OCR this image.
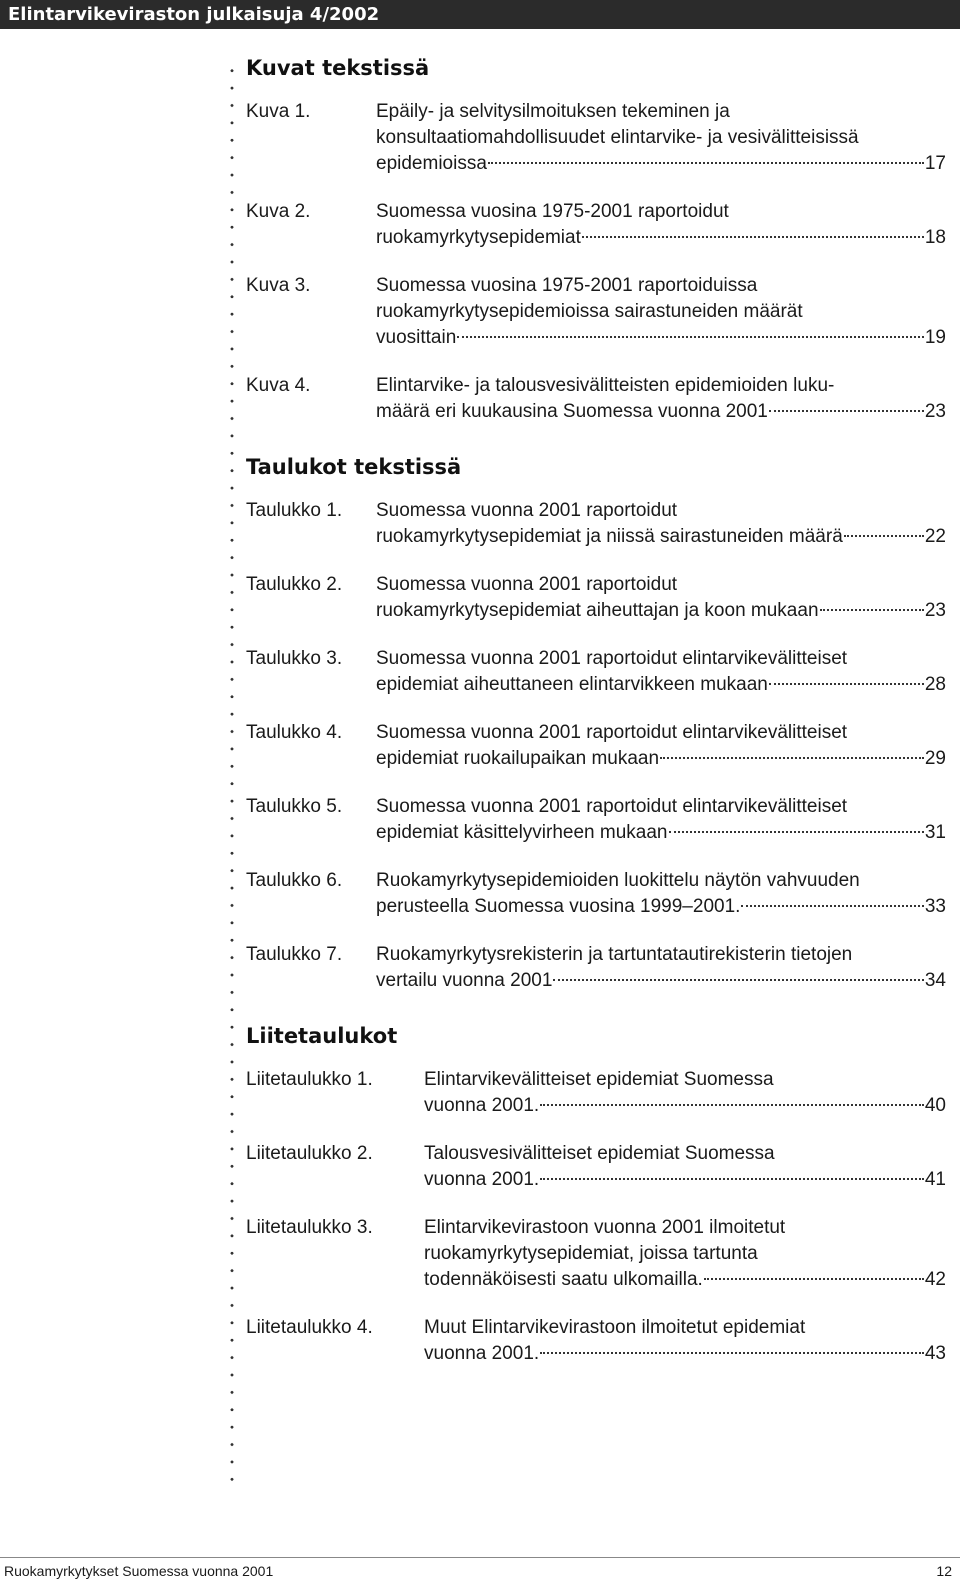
Elintarvikeviraston julkaisuja 4/2002
Kuvat tekstissä
Kuva 1.	Epäily- ja selvitysilmoituksen tekeminen ja
konsultaatiomahdollisuudet elintarvike- ja vesivälitteisissä
epidemioissa	17
Kuva 2.	Suomessa vuosina 1975-2001 raportoidut
ruokamyrkytysepidemiat	18
Kuva 3.	Suomessa vuosina 1975-2001 raportoiduissa
ruokamyrkytysepidemioissa sairastuneiden määrät
vuosittain	19
Kuva 4.	Elintarvike- ja talousvesivälitteisten epidemioiden luku-
määrä eri kuukausina Suomessa vuonna 2001	23
Taulukot tekstissä
Taulukko 1.	Suomessa vuonna 2001 raportoidut
ruokamyrkytysepidemiat ja niissä sairastuneiden määrä	22
Taulukko 2.	Suomessa vuonna 2001 raportoidut
ruokamyrkytysepidemiat aiheuttajan ja koon mukaan	23
Taulukko 3.	Suomessa vuonna 2001 raportoidut elintarvikevälitteiset
epidemiat aiheuttaneen elintarvikkeen mukaan	28
Taulukko 4.	Suomessa vuonna 2001 raportoidut elintarvikevälitteiset
epidemiat ruokailupaikan mukaan	29
Taulukko 5.	Suomessa vuonna 2001 raportoidut elintarvikevälitteiset
epidemiat käsittelyvirheen mukaan	31
Taulukko 6.	Ruokamyrkytysepidemioiden luokittelu näytön vahvuuden
perusteella Suomessa vuosina 1999–2001.	33
Taulukko 7.	Ruokamyrkytysrekisterin ja tartuntatautirekisterin tietojen
vertailu vuonna 2001	34
Liitetaulukot
Liitetaulukko 1.	Elintarvikevälitteiset epidemiat Suomessa
vuonna 2001.	40
Liitetaulukko 2.	Talousvesivälitteiset epidemiat Suomessa
vuonna 2001.	41
Liitetaulukko 3.	Elintarvikevirastoon vuonna 2001 ilmoitetut
ruokamyrkytysepidemiat, joissa tartunta
todennäköisesti saatu ulkomailla.	42
Liitetaulukko 4.	Muut Elintarvikevirastoon ilmoitetut epidemiat
vuonna 2001.	43
Ruokamyrkytykset Suomessa vuonna 2001	12
